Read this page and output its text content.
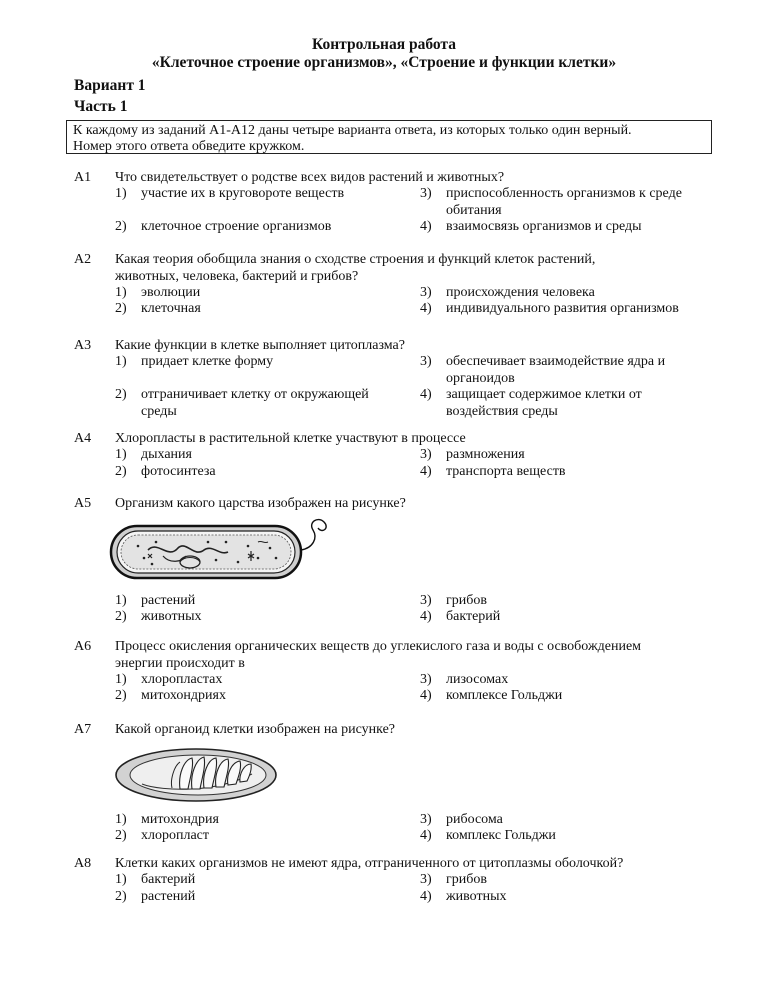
Контрольная работа
«Клеточное строение организмов», «Строение и функции клетки»
Вариант 1
Часть 1
К каждому из заданий А1-А12 даны четыре варианта ответа, из которых только один верный.
Номер этого ответа обведите кружком.
А1 Что свидетельствует о родстве всех видов растений и животных?
1)	участие их в круговороте веществ
2)	клеточное строение организмов
3)	приспособленность организмов к среде
обитания
4)	взаимосвязь организмов и среды
А2 Какая теория обобщила знания о сходстве строения и функций клеток растений,
животных, человека, бактерий и грибов?
1)	эволюции
2)	клеточная
3)	происхождения человека
4)	индивидуального развития организмов
А3 Какие функции в клетке выполняет цитоплазма?
1)	придает клетке форму
2)	отграничивает клетку от окружающей
среды
3)	обеспечивает взаимодействие ядра и
органоидов
4)	защищает содержимое клетки от
воздействия среды
А4 Хлоропласты в растительной клетке участвуют в процессе
1)	дыхания
2)	фотосинтеза
3)	размножения
4)	транспорта веществ
А5 Организм какого царства изображен на рисунке?
1)	растений
2)	животных
3)	грибов
4)	бактерий
А6 Процесс окисления органических веществ до углекислого газа и воды с освобождением
энергии происходит в
1)	хлоропластах
2)	митохондриях
3)	лизосомах
4)	комплексе Гольджи
А7 Какой органоид клетки изображен на рисунке?
1)	митохондрия
2)	хлоропласт
3)	рибосома
4)	комплекс Гольджи
А8 Клетки каких организмов не имеют ядра, отграниченного от цитоплазмы оболочкой?
1)	бактерий
2)	растений
3)	грибов
4)	животных
